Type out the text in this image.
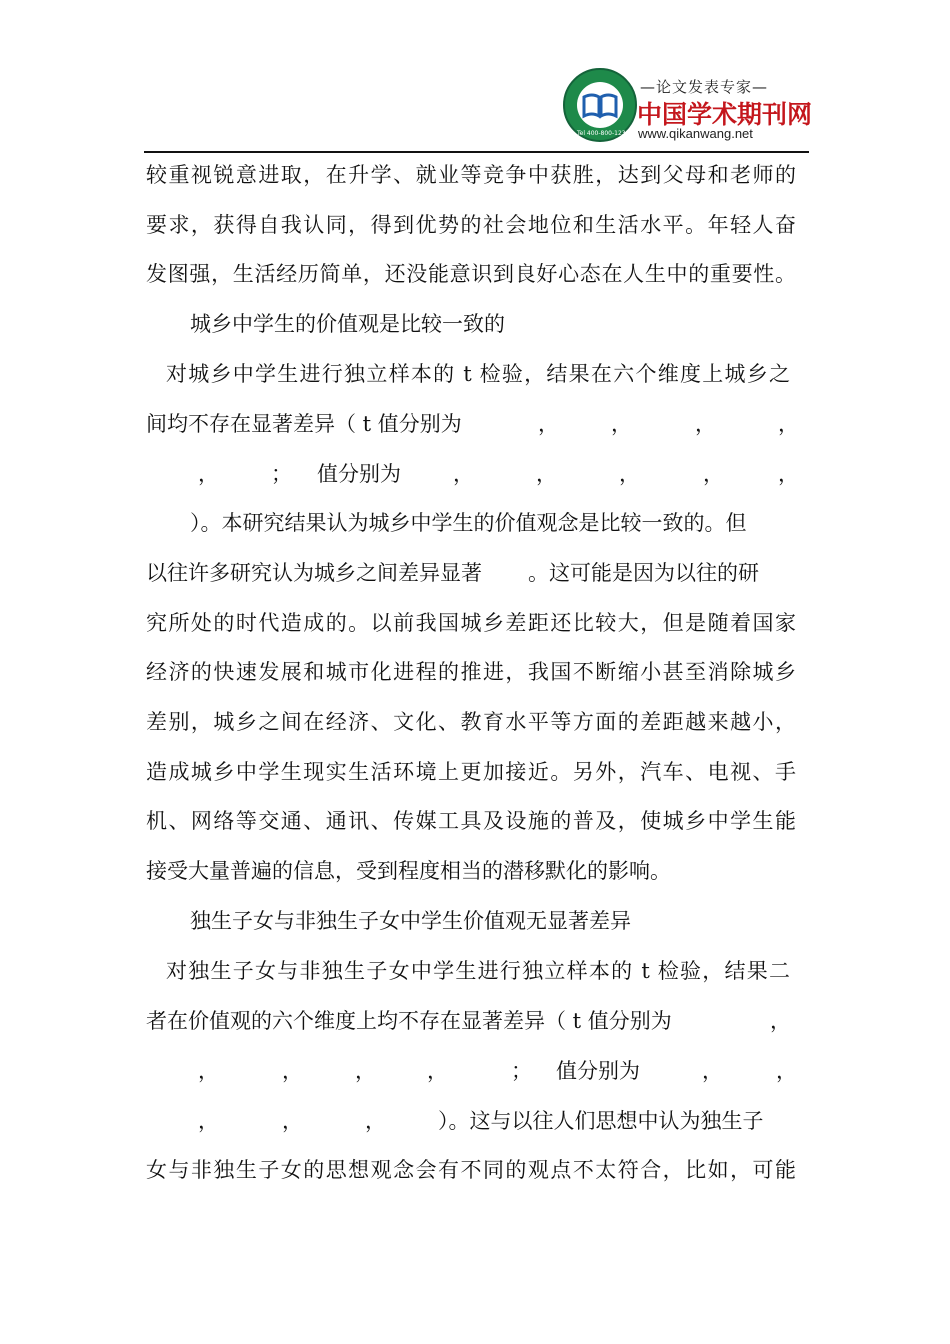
www.qikanwang.net
Tel 400-800-1238
—论文发表专家—
中国学术期刊网
www.qikanwang.net
较重视锐意进取，在升学、就业等竞争中获胜，达到父母和老师的
要求，获得自我认同，得到优势的社会地位和生活水平。年轻人奋
发图强，生活经历简单，还没能意识到良好心态在人生中的重要性。
城乡中学生的价值观是比较一致的
对城乡中学生进行独立样本的 t 检验，结果在六个维度上城乡之
间均不存在显著差异（ t 值分别为	， ，	，	，
， ； 值分别为 ，	，	，	，	，
）。本研究结果认为城乡中学生的价值观念是比较一致的。但
以往许多研究认为城乡之间差异显著 。这可能是因为以往的研
究所处的时代造成的。以前我国城乡差距还比较大，但是随着国家
经济的快速发展和城市化进程的推进，我国不断缩小甚至消除城乡
差别，城乡之间在经济、文化、教育水平等方面的差距越来越小，
造成城乡中学生现实生活环境上更加接近。另外，汽车、电视、手
机、网络等交通、通讯、传媒工具及设施的普及，使城乡中学生能
接受大量普遍的信息，受到程度相当的潜移默化的影响。
独生子女与非独生子女中学生价值观无显著差异
对独生子女与非独生子女中学生进行独立样本的 t 检验，结果二
者在价值观的六个维度上均不存在显著差异（ t 值分别为	，
，	， ， ，	； 值分别为	，	，
，	，	， ）。这与以往人们思想中认为独生子
女与非独生子女的思想观念会有不同的观点不太符合，比如，可能
